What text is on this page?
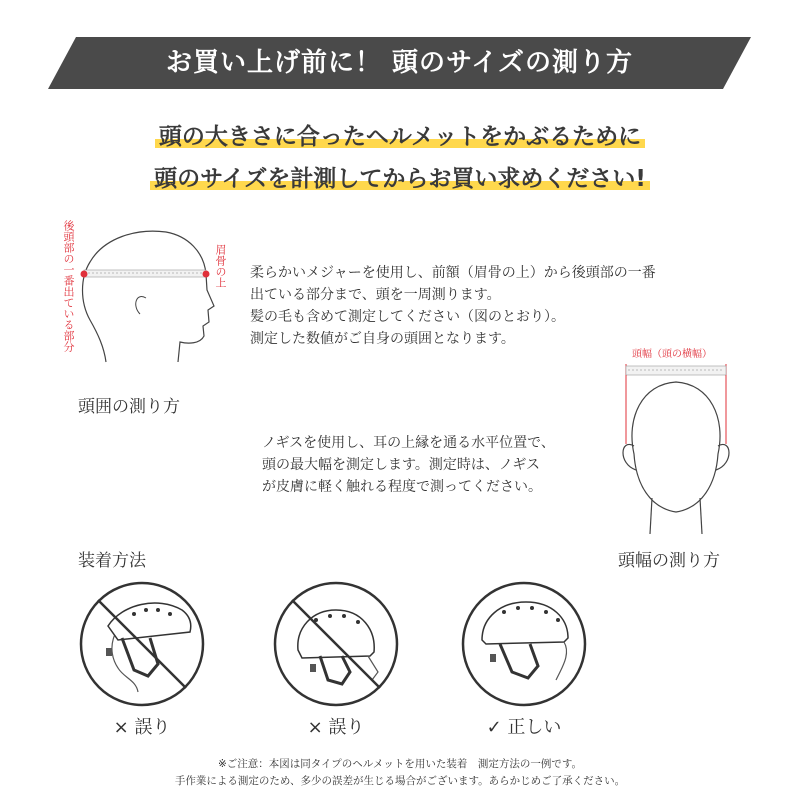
お買い上げ前に！ 頭のサイズの測り方
頭の大きさに合ったヘルメットをかぶるために
頭のサイズを計測してからお買い求めください!
後頭部の一番出ている部分	眉骨の上 柔らかいメジャーを使用し、前額（眉骨の上）から後頭部の一番
出ている部分まで、頭を一周測ります。
髪の毛も含めて測定してください（図のとおり）。
測定した数値がご自身の頭囲となります。
頭囲の測り方
頭幅（頭の横幅）
ノギスを使用し、耳の上縁を通る水平位置で、
頭の最大幅を測定します。測定時は、ノギス
が皮膚に軽く触れる程度で測ってください。
頭幅の測り方
装着方法
× 誤り	× 誤り	✓ 正しい
※ご注意：本図は同タイプのヘルメットを用いた装着　測定方法の一例です。
手作業による測定のため、多少の誤差が生じる場合がございます。あらかじめご了承ください。
